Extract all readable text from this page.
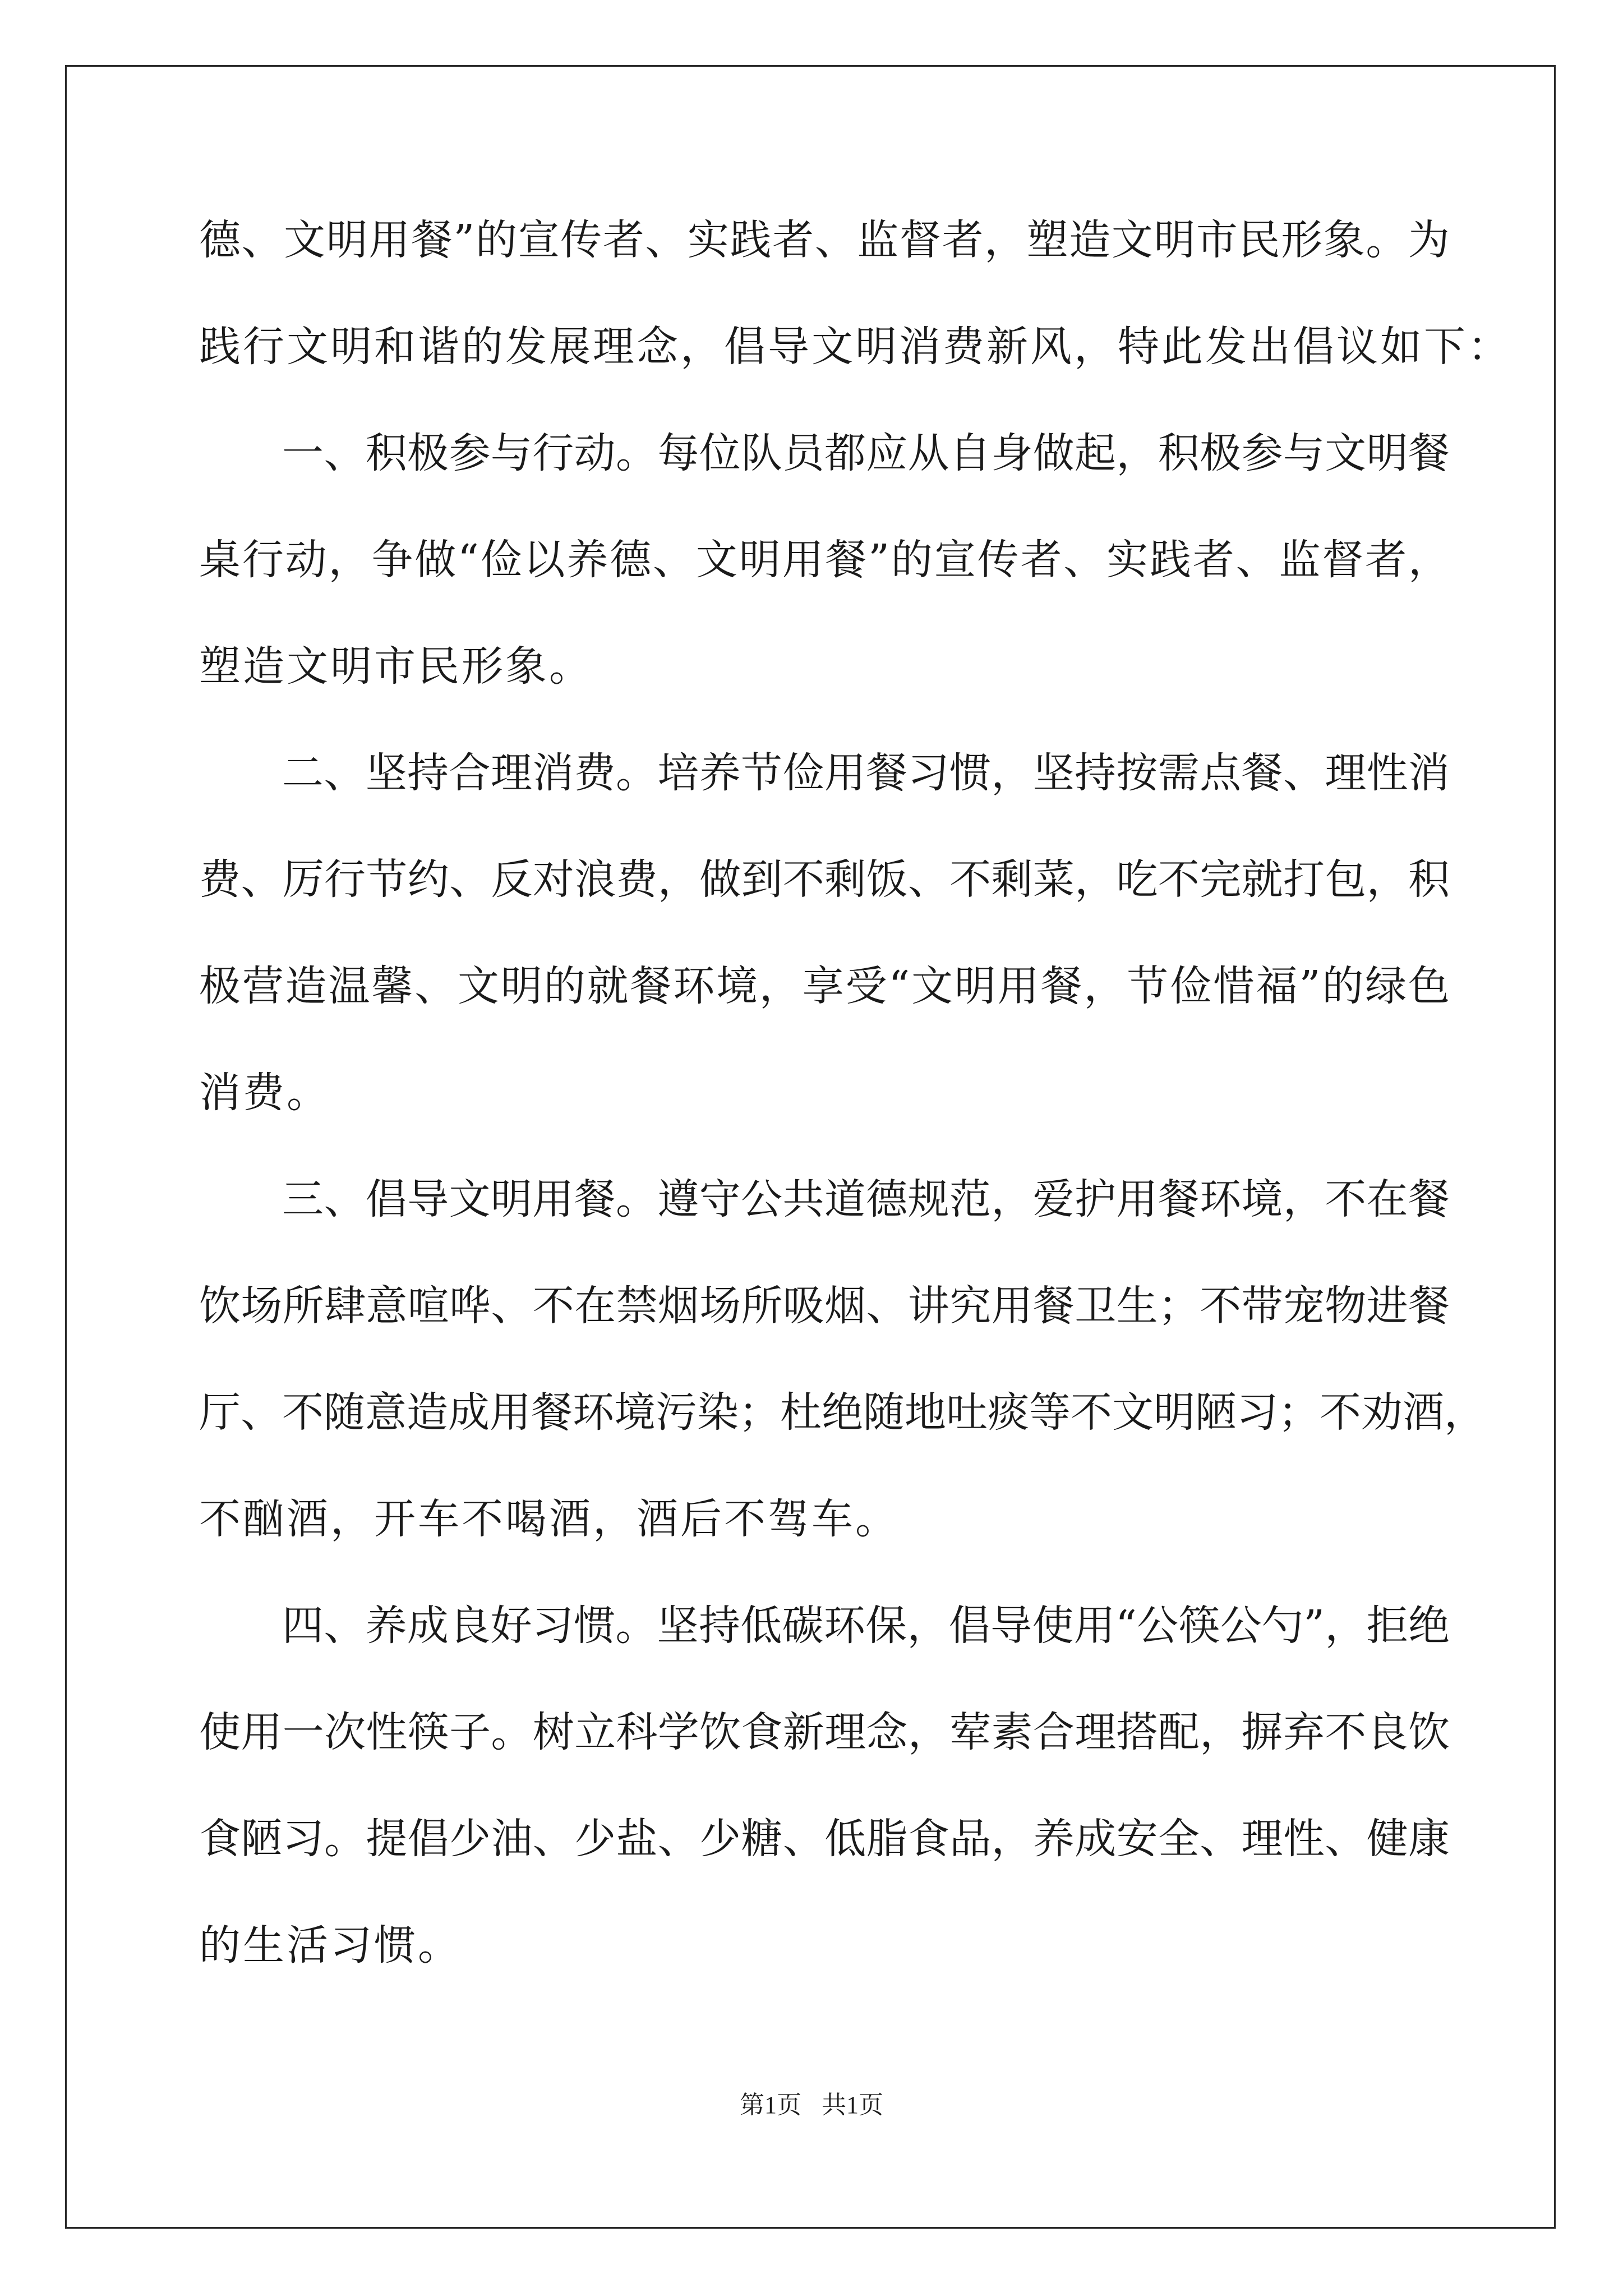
德、文明用餐”的宣传者、实践者、监督者，塑造文明市民形象。为
践行文明和谐的发展理念，倡导文明消费新风，特此发出倡议如下：
一、积极参与行动。每位队员都应从自身做起，积极参与文明餐
桌行动，争做“俭以养德、文明用餐”的宣传者、实践者、监督者，
塑造文明市民形象。
二、坚持合理消费。培养节俭用餐习惯，坚持按需点餐、理性消
费、厉行节约、反对浪费，做到不剩饭、不剩菜，吃不完就打包，积
极营造温馨、文明的就餐环境，享受“文明用餐，节俭惜福”的绿色
消费。
三、倡导文明用餐。遵守公共道德规范，爱护用餐环境，不在餐
饮场所肆意喧哗、不在禁烟场所吸烟、讲究用餐卫生；不带宠物进餐
厅、不随意造成用餐环境污染；杜绝随地吐痰等不文明陋习；不劝酒，
不酗酒，开车不喝酒，酒后不驾车。
四、养成良好习惯。坚持低碳环保，倡导使用“公筷公勺”，拒绝
使用一次性筷子。树立科学饮食新理念，荤素合理搭配，摒弃不良饮
食陋习。提倡少油、少盐、少糖、低脂食品，养成安全、理性、健康
的生活习惯。
第1页 共1页
